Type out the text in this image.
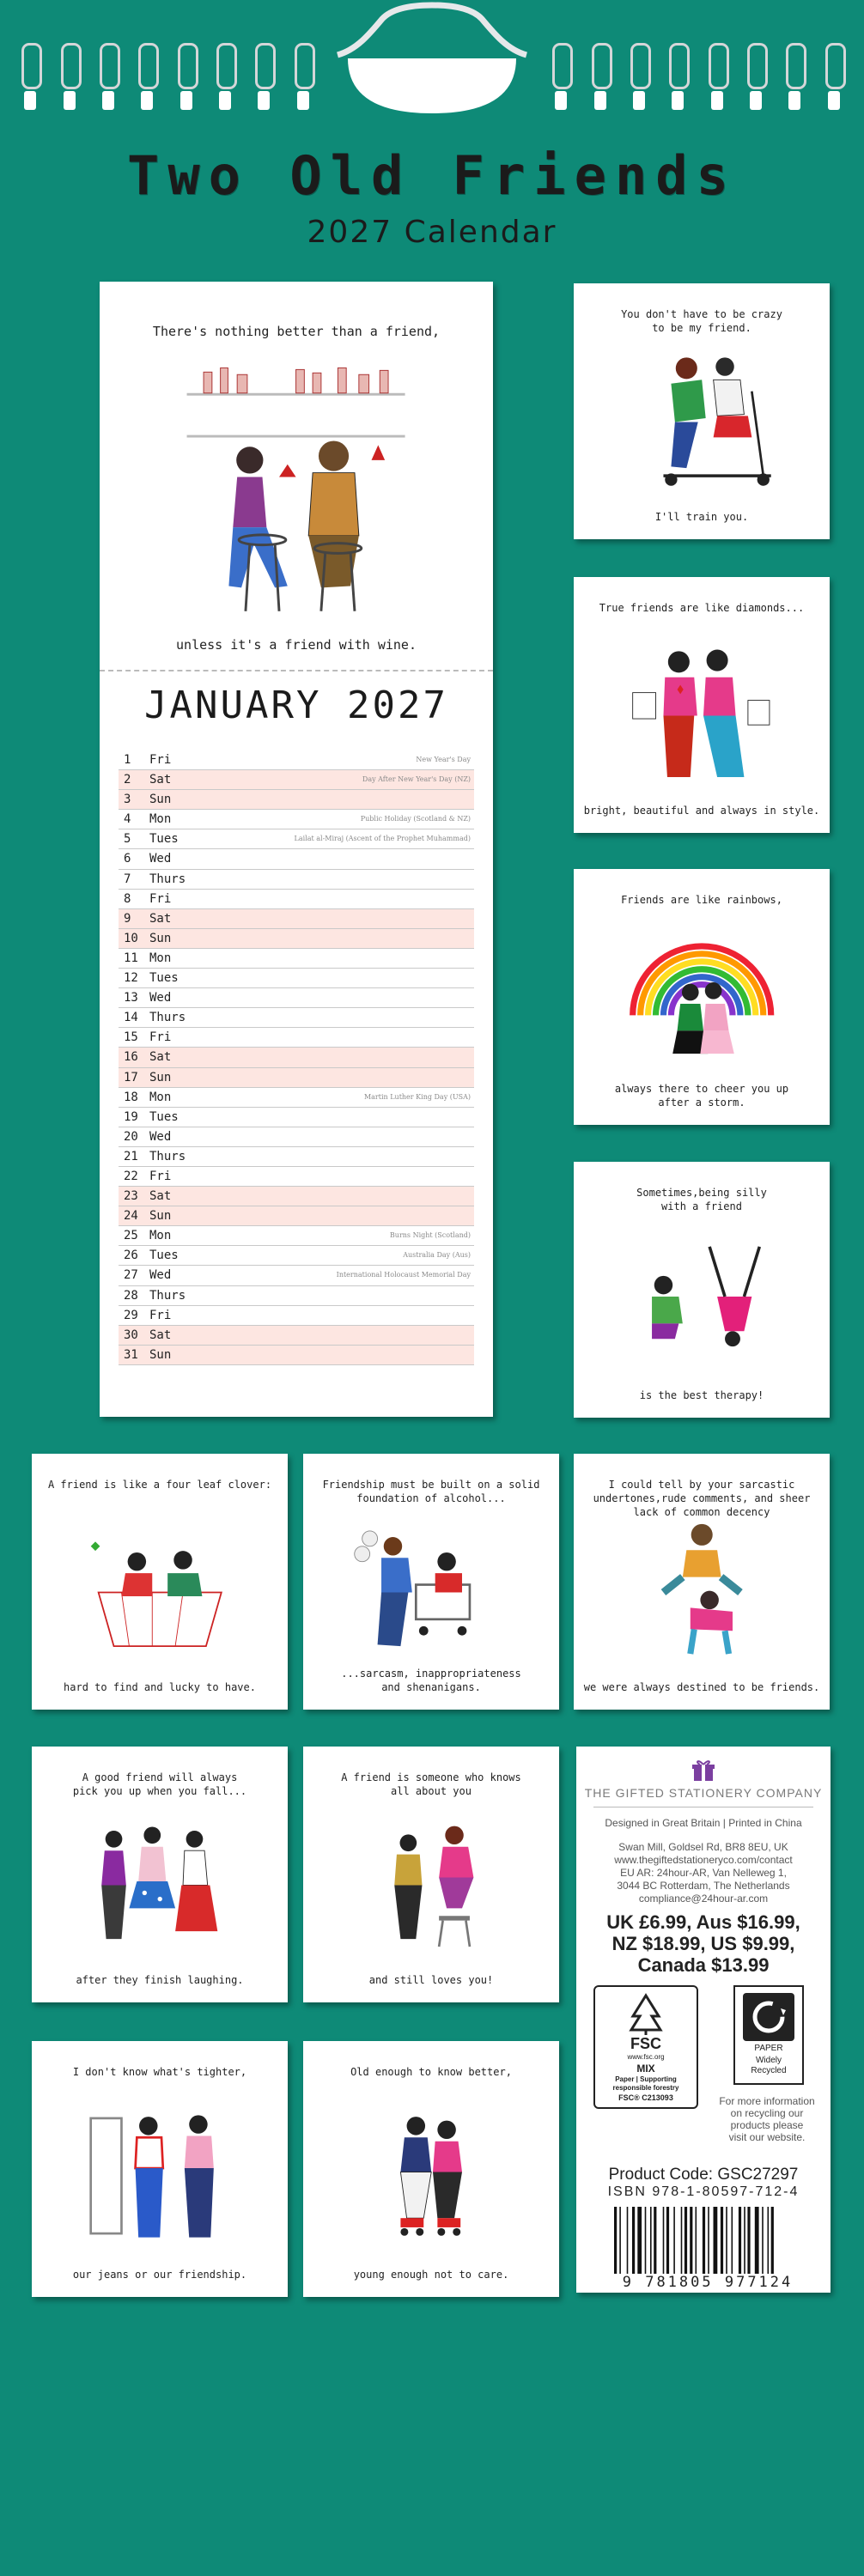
Two Old Friends
2027 Calendar
There's nothing better than a friend,
unless it's a friend with wine.
JANUARY 2027
1	Fri	New Year's Day
2	Sat	Day After New Year's Day (NZ)
3	Sun
4	Mon	Public Holiday (Scotland & NZ)
5	Tues	Lailat al-Miraj (Ascent of the Prophet Muhammad)
6	Wed
7	Thurs
8	Fri
9	Sat
10 Sun
11 Mon
12 Tues
13 Wed
14 Thurs
15 Fri
16 Sat
17 Sun
18 Mon	Martin Luther King Day (USA)
19 Tues
20 Wed
21 Thurs
22 Fri
23 Sat
24 Sun
25 Mon	Burns Night (Scotland)
26 Tues	Australia Day (Aus)
27 Wed	International Holocaust Memorial Day
28 Thurs
29 Fri
30 Sat
31 Sun
You don't have to be crazy
to be my friend.
I'll train you.
True friends are like diamonds...
bright, beautiful and always in style.
Friends are like rainbows,
always there to cheer you up
after a storm.
Sometimes,being silly
with a friend
is the best therapy!
A friend is like a four leaf clover:
hard to find and lucky to have.
Friendship must be built on a solid
foundation of alcohol...
...sarcasm, inappropriateness
and shenanigans.
I could tell by your sarcastic
undertones,rude comments, and sheer
lack of common decency
we were always destined to be friends.
A good friend will always
pick you up when you fall...
after they finish laughing.
A friend is someone who knows
all about you
and still loves you!
I don't know what's tighter,
our jeans or our friendship.
Old enough to know better,
young enough not to care.
THE GIFTED STATIONERY COMPANY
Designed in Great Britain | Printed in China
Swan Mill, Goldsel Rd, BR8 8EU, UK
www.thegiftedstationeryco.com/contact
EU AR: 24hour-AR, Van Nelleweg 1,
3044 BC Rotterdam, The Netherlands
compliance@24hour-ar.com
UK £6.99, Aus $16.99,
NZ $18.99, US $9.99,
Canada $13.99
FSC
www.fsc.org
MIX
Paper | Supporting
responsible forestry
FSC® C213093
PAPER
Widely
Recycled
For more information
on recycling our
products please
visit our website.
Product Code: GSC27297
ISBN 978-1-80597-712-4
9 781805 977124
